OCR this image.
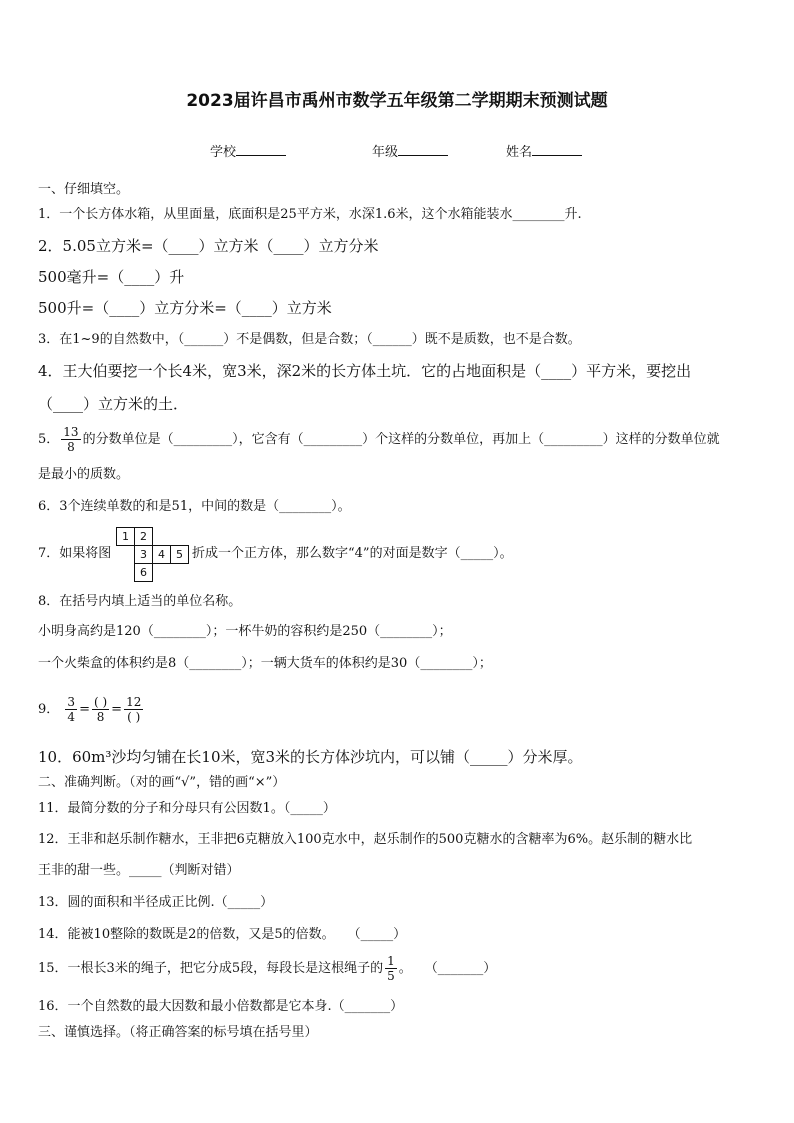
2023届许昌市禹州市数学五年级第二学期期末预测试题
学校	年级	姓名
一、仔细填空。
1．一个长方体水箱，从里面量，底面积是25平方米，水深1.6米，这个水箱能装水________升.
2．5.05立方米=（____）立方米（____）立方分米
500毫升=（____）升
500升=（____）立方分米=（____）立方米
3．在1~9的自然数中，（______）不是偶数，但是合数；（______）既不是质数，也不是合数。
4．王大伯要挖一个长4米，宽3米，深2米的长方体土坑．它的占地面积是（____）平方米，要挖出
（____）立方米的土．
5． $\frac{13}{8}$ 的分数单位是（_________），它含有（_________）个这样的分数单位，再加上（_________）这样的分数单位就
是最小的质数。
6．3个连续单数的和是51，中间的数是（________）。
1	2
3	4	5
6
7．如果将图	折成一个正方体，那么数字“4”的对面是数字（_____）。
8．在括号内填上适当的单位名称。
小明身高约是120（________）；一杯牛奶的容积约是250（________）；
一个火柴盒的体积约是8（________）；一辆大货车的体积约是30（________）；
9． $\frac{3}{4} = \frac{( )}{8} = \frac{12}{( )}$
10．60m³沙均匀铺在长10米，宽3米的长方体沙坑内，可以铺（_____）分米厚。
二、准确判断。（对的画“√”，错的画“×”）
11．最简分数的分子和分母只有公因数1。（_____）
12．王非和赵乐制作糖水，王非把6克糖放入100克水中，赵乐制作的500克糖水的含糖率为6%。赵乐制的糖水比
王非的甜一些。_____（判断对错）
13．圆的面积和半径成正比例.（_____）
14．能被10整除的数既是2的倍数，又是5的倍数。　　（_____）
15．一根长3米的绳子，把它分成5段，每段长是这根绳子的 $\frac{1}{5}$ 。　　（_______）
16．一个自然数的最大因数和最小倍数都是它本身.（_______）
三、谨慎选择。（将正确答案的标号填在括号里）
